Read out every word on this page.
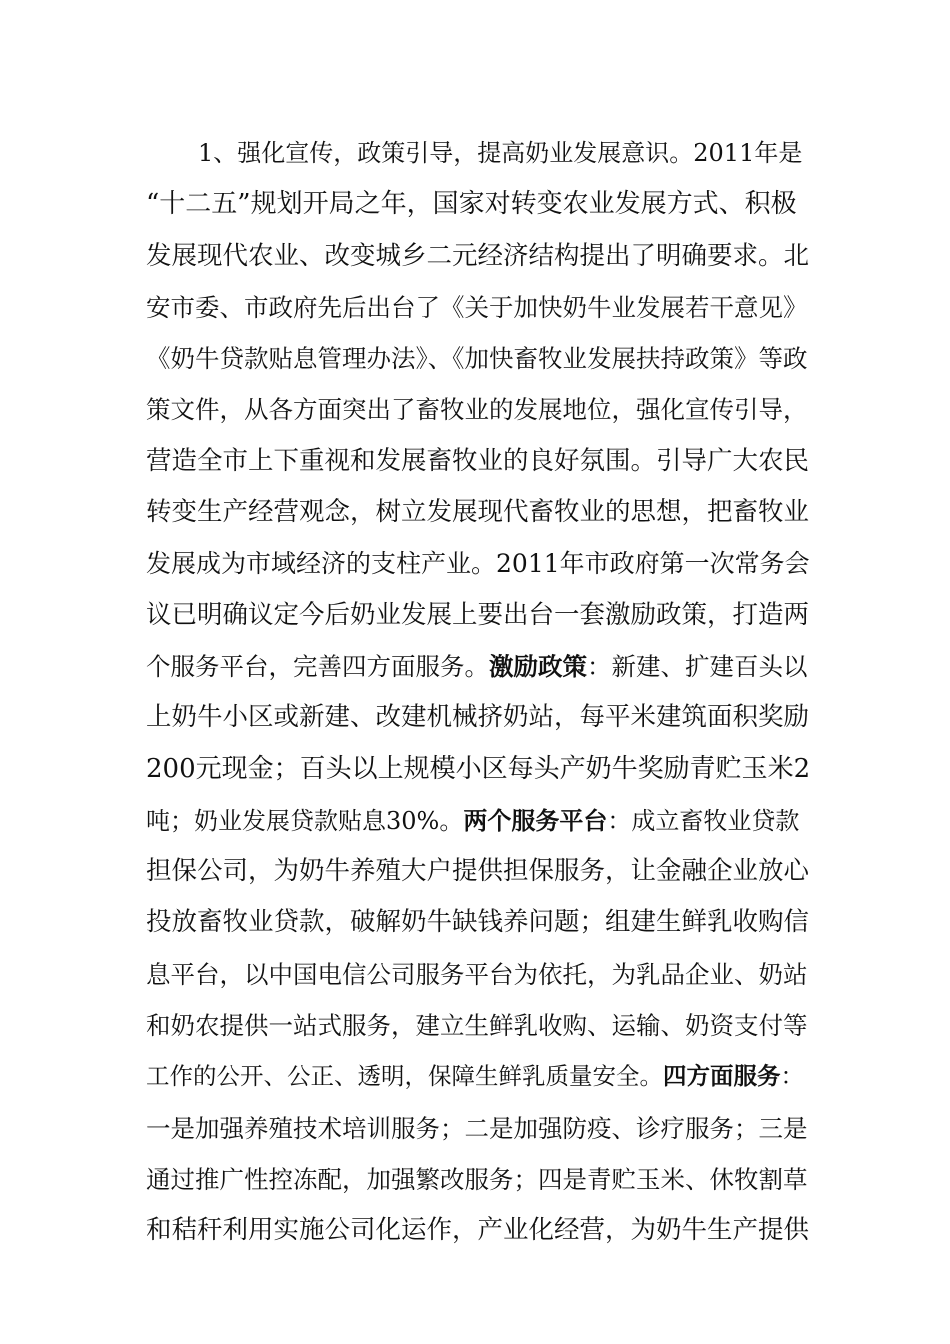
1、强化宣传，政策引导，提高奶业发展意识。2011年是
“十二五”规划开局之年，国家对转变农业发展方式、积极
发展现代农业、改变城乡二元经济结构提出了明确要求。北
安市委、市政府先后出台了《关于加快奶牛业发展若干意见》
《奶牛贷款贴息管理办法》、《加快畜牧业发展扶持政策》等政
策文件，从各方面突出了畜牧业的发展地位，强化宣传引导，
营造全市上下重视和发展畜牧业的良好氛围。引导广大农民
转变生产经营观念，树立发展现代畜牧业的思想，把畜牧业
发展成为市域经济的支柱产业。2011年市政府第一次常务会
议已明确议定今后奶业发展上要出台一套激励政策，打造两
个服务平台，完善四方面服务。激励政策：新建、扩建百头以
上奶牛小区或新建、改建机械挤奶站，每平米建筑面积奖励
200元现金；百头以上规模小区每头产奶牛奖励青贮玉米2
吨；奶业发展贷款贴息30%。两个服务平台：成立畜牧业贷款
担保公司，为奶牛养殖大户提供担保服务，让金融企业放心
投放畜牧业贷款，破解奶牛缺钱养问题；组建生鲜乳收购信
息平台，以中国电信公司服务平台为依托，为乳品企业、奶站
和奶农提供一站式服务，建立生鲜乳收购、运输、奶资支付等
工作的公开、公正、透明，保障生鲜乳质量安全。四方面服务：
一是加强养殖技术培训服务；二是加强防疫、诊疗服务；三是
通过推广性控冻配，加强繁改服务；四是青贮玉米、休牧割草
和秸秆利用实施公司化运作，产业化经营，为奶牛生产提供
